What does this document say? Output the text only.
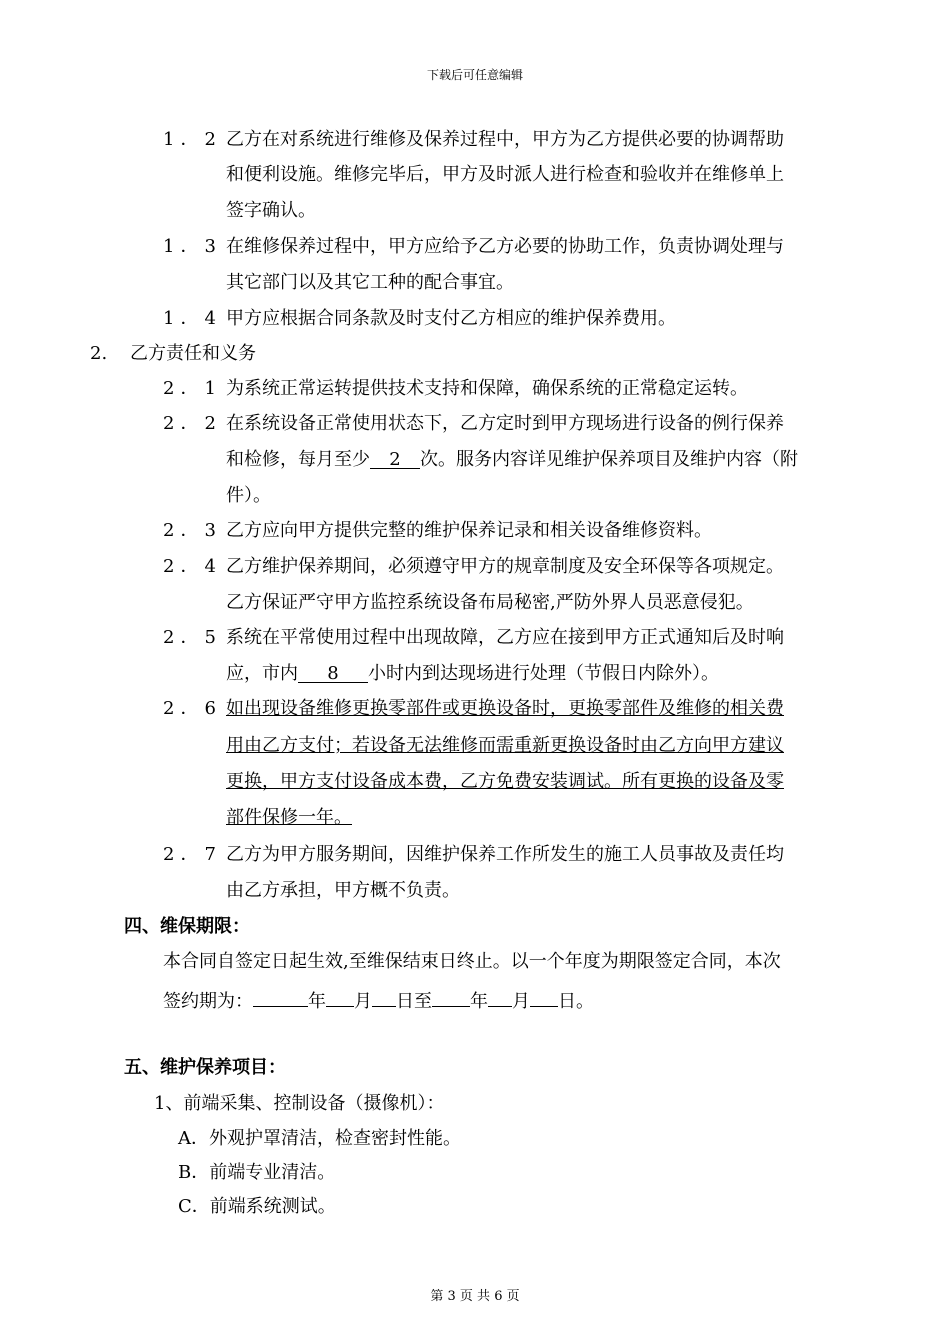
下载后可任意编辑
1．2 乙方在对系统进行维修及保养过程中，甲方为乙方提供必要的协调帮助
和便利设施。维修完毕后，甲方及时派人进行检查和验收并在维修单上
签字确认。
1．3 在维修保养过程中，甲方应给予乙方必要的协助工作，负责协调处理与
其它部门以及其它工种的配合事宜。
1．4 甲方应根据合同条款及时支付乙方相应的维护保养费用。
2. 乙方责任和义务
2．1 为系统正常运转提供技术支持和保障，确保系统的正常稳定运转。
2．2 在系统设备正常使用状态下，乙方定时到甲方现场进行设备的例行保养
和检修，每月至少 2 次。服务内容详见维护保养项目及维护内容（附
件）。
2．3 乙方应向甲方提供完整的维护保养记录和相关设备维修资料。
2．4 乙方维护保养期间，必须遵守甲方的规章制度及安全环保等各项规定。
乙方保证严守甲方监控系统设备布局秘密,严防外界人员恶意侵犯。
2．5 系统在平常使用过程中出现故障，乙方应在接到甲方正式通知后及时响
应，市内 8 小时内到达现场进行处理（节假日内除外）。
2．6 如出现设备维修更换零部件或更换设备时，更换零部件及维修的相关费
用由乙方支付；若设备无法维修而需重新更换设备时由乙方向甲方建议
更换，甲方支付设备成本费，乙方免费安装调试。所有更换的设备及零
部件保修一年。
2．7 乙方为甲方服务期间，因维护保养工作所发生的施工人员事故及责任均
由乙方承担，甲方概不负责。
四、维保期限：
本合同自签定日起生效,至维保结束日终止。以一个年度为期限签定合同，本次
签约期为：	年 月 日至 年 月 日。
五、维护保养项目：
1、前端采集、控制设备（摄像机）：
A．外观护罩清洁，检查密封性能。
B．前端专业清洁。
C．前端系统测试。
第 3 页 共 6 页
